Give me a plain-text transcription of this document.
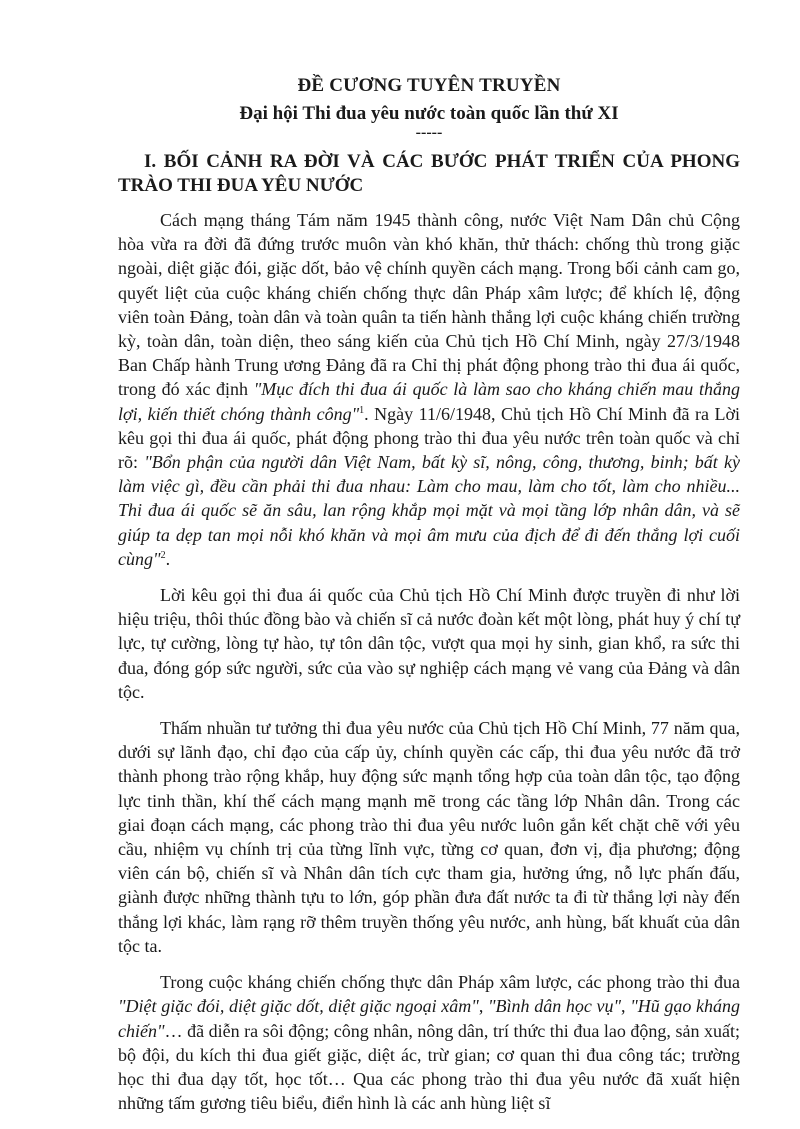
ĐỀ CƯƠNG TUYÊN TRUYỀN
Đại hội Thi đua yêu nước toàn quốc lần thứ XI
-----
I. BỐI CẢNH RA ĐỜI VÀ CÁC BƯỚC PHÁT TRIỂN CỦA PHONG TRÀO THI ĐUA YÊU NƯỚC

Cách mạng tháng Tám năm 1945 thành công, nước Việt Nam Dân chủ Cộng hòa vừa ra đời đã đứng trước muôn vàn khó khăn, thử thách: chống thù trong giặc ngoài, diệt giặc đói, giặc dốt, bảo vệ chính quyền cách mạng. Trong bối cảnh cam go, quyết liệt của cuộc kháng chiến chống thực dân Pháp xâm lược; để khích lệ, động viên toàn Đảng, toàn dân và toàn quân ta tiến hành thắng lợi cuộc kháng chiến trường kỳ, toàn dân, toàn diện, theo sáng kiến của Chủ tịch Hồ Chí Minh, ngày 27/3/1948 Ban Chấp hành Trung ương Đảng đã ra Chỉ thị phát động phong trào thi đua ái quốc, trong đó xác định "Mục đích thi đua ái quốc là làm sao cho kháng chiến mau thắng lợi, kiến thiết chóng thành công"$^1$. Ngày 11/6/1948, Chủ tịch Hồ Chí Minh đã ra Lời kêu gọi thi đua ái quốc, phát động phong trào thi đua yêu nước trên toàn quốc và chỉ rõ: "Bổn phận của người dân Việt Nam, bất kỳ sĩ, nông, công, thương, binh; bất kỳ làm việc gì, đều cần phải thi đua nhau: Làm cho mau, làm cho tốt, làm cho nhiều... Thi đua ái quốc sẽ ăn sâu, lan rộng khắp mọi mặt và mọi tầng lớp nhân dân, và sẽ giúp ta dẹp tan mọi nỗi khó khăn và mọi âm mưu của địch để đi đến thắng lợi cuối cùng"$^2$.

Lời kêu gọi thi đua ái quốc của Chủ tịch Hồ Chí Minh được truyền đi như lời hiệu triệu, thôi thúc đồng bào và chiến sĩ cả nước đoàn kết một lòng, phát huy ý chí tự lực, tự cường, lòng tự hào, tự tôn dân tộc, vượt qua mọi hy sinh, gian khổ, ra sức thi đua, đóng góp sức người, sức của vào sự nghiệp cách mạng vẻ vang của Đảng và dân tộc.

Thấm nhuần tư tưởng thi đua yêu nước của Chủ tịch Hồ Chí Minh, 77 năm qua, dưới sự lãnh đạo, chỉ đạo của cấp ủy, chính quyền các cấp, thi đua yêu nước đã trở thành phong trào rộng khắp, huy động sức mạnh tổng hợp của toàn dân tộc, tạo động lực tinh thần, khí thế cách mạng mạnh mẽ trong các tầng lớp Nhân dân. Trong các giai đoạn cách mạng, các phong trào thi đua yêu nước luôn gắn kết chặt chẽ với yêu cầu, nhiệm vụ chính trị của từng lĩnh vực, từng cơ quan, đơn vị, địa phương; động viên cán bộ, chiến sĩ và Nhân dân tích cực tham gia, hưởng ứng, nỗ lực phấn đấu, giành được những thành tựu to lớn, góp phần đưa đất nước ta đi từ thắng lợi này đến thắng lợi khác, làm rạng rỡ thêm truyền thống yêu nước, anh hùng, bất khuất của dân tộc ta.

Trong cuộc kháng chiến chống thực dân Pháp xâm lược, các phong trào thi đua "Diệt giặc đói, diệt giặc dốt, diệt giặc ngoại xâm", "Bình dân học vụ", "Hũ gạo kháng chiến"… đã diễn ra sôi động; công nhân, nông dân, trí thức thi đua lao động, sản xuất; bộ đội, du kích thi đua giết giặc, diệt ác, trừ gian; cơ quan thi đua công tác; trường học thi đua dạy tốt, học tốt… Qua các phong trào thi đua yêu nước đã xuất hiện những tấm gương tiêu biểu, điển hình là các anh hùng liệt sĩ
